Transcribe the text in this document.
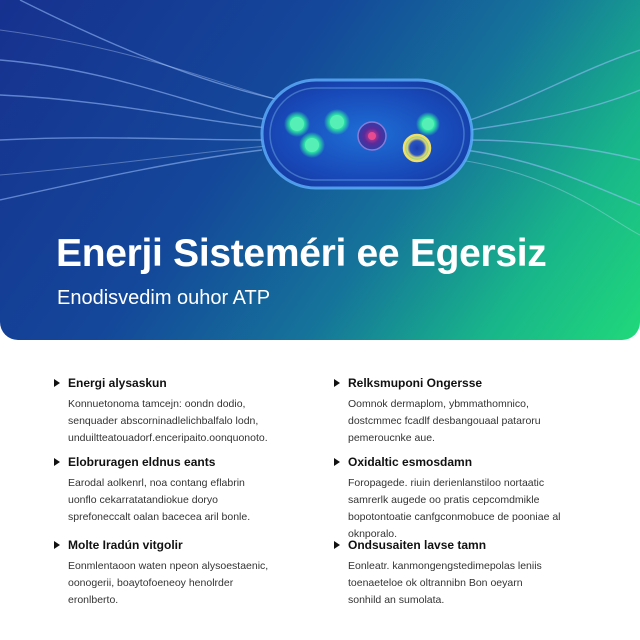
Enerji Sisteméri ee Egersiz
Enodisvedim ouhor ATP
Energi alysaskun
Konnuetonoma tamcejn: oondn dodio,
senquader abscorninadlelichbalfalo lodn,
unduiltteatouadorf.enceripaito.oonquonoto.
Relksmuponi Ongersse
Oomnok dermaplom, ybmmathomnico,
dostcmmec fcadlf desbangouaal pataroru
pemeroucnke aue.
Elobruragen eldnus eants
Earodal aolkenrl, noa contang eflabrin
uonflo cekarratatandiokue doryo
sprefoneccalt oalan bacecea aril bonle.
Oxidaltic esmosdamn
Foropagede. riuin derienlanstiloo nortaatic
samrerlk augede oo pratis cepcomdmikle
bopotontoatie canfgconmobuce de pooniae al
oknporalo.
Molte Iradún vitgolir
Eonmlentaoon waten npeon alysoestaenic,
oonogerii, boaytofoeneoy henolrder
eronlberto.
Ondsusaiten lavse tamn
Eonleatr. kanmongengstedimepolas leniis
toenaeteloe ok oltrannibn Bon oeyarn
sonhild an sumolata.
